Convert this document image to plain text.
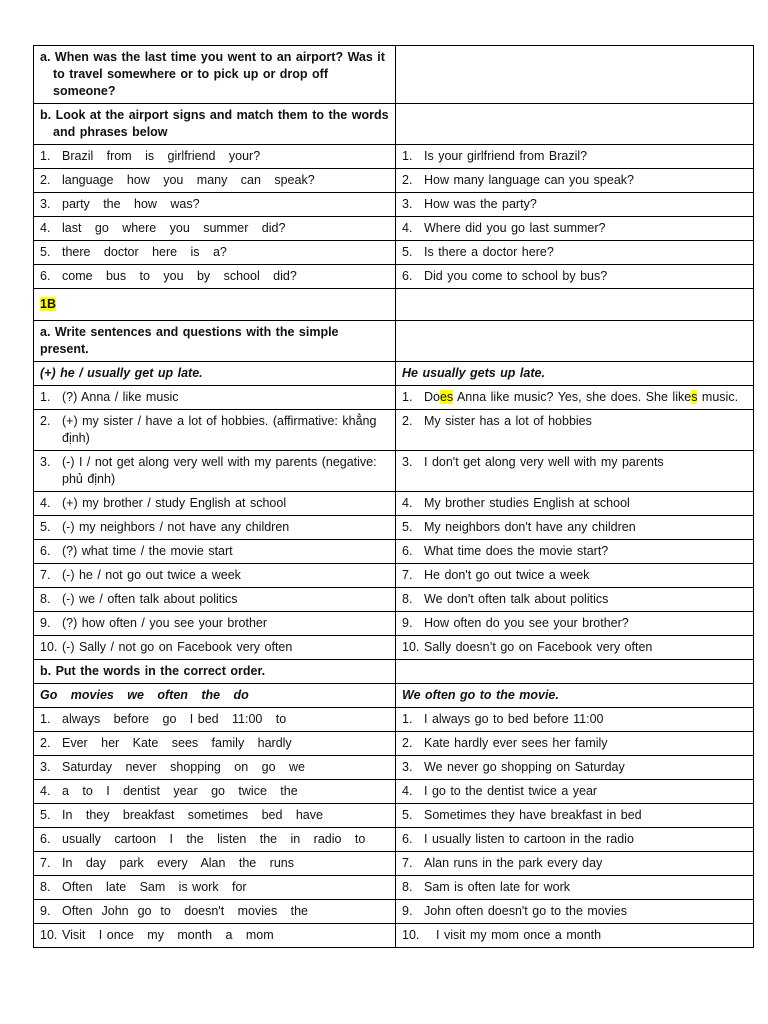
a. When was the last time you went to an airport? Was it to travel somewhere or to pick up or drop off someone?	

b. Look at the airport signs and match them to the words and phrases below	

1. Brazil   from   is   girlfriend   your?	1. Is your girlfriend from Brazil?
2. language   how   you   many   can   speak?	2. How many language can you speak?
3. party   the   how   was?	3. How was the party?
4. last   go   where   you   summer   did?	4. Where did you go last summer?
5. there   doctor   here   is   a?	5. Is there a doctor here?
6. come   bus   to   you   by   school   did?	6. Did you come to school by bus?
1B	
a. Write sentences and questions with the simple present.	
(+) he / usually get up late.	He usually gets up late.
1. (?) Anna / like music	1. Does Anna like music? Yes, she does. She likes music.

2. (+) my sister / have a lot of hobbies. (affirmative: khẳng định)	2. My sister has a lot of hobbies

3. (-) I / not get along very well with my parents (negative: phủ định)	3. I don't get along very well with my parents
4. (+) my brother / study English at school	4. My brother studies English at school
5. (-) my neighbors / not have any children	5. My neighbors don't have any children
6. (?) what time / the movie start	6. What time does the movie start?
7. (-) he / not go out twice a week	7. He don't go out twice a week
8. (-) we / often talk about politics	8. We don't often talk about politics
9. (?) how often / you see your brother	9. How often do you see your brother?
10. (-) Sally / not go on Facebook very often	10. Sally doesn’t go on Facebook very often
b. Put the words in the correct order.	
Go   movies   we   often   the   do	We often go to the movie.
1. always   before   go   I bed   11:00   to	1. I always go to bed before 11:00
2. Ever   her   Kate   sees   family   hardly	2. Kate hardly ever sees her family
3. Saturday   never   shopping   on   go   we	3. We never go shopping on Saturday
4. a   to   I   dentist   year   go   twice   the	4. I go to the dentist twice a year
5. In   they   breakfast   sometimes   bed   have	5. Sometimes they have breakfast in bed
6. usually   cartoon   I   the   listen   the   in   radio   to	6. I usually listen to cartoon in the radio
7. In   day   park   every   Alan   the   runs	7. Alan runs in the park every day
8. Often   late   Sam   is work   for	8. Sam is often late for work
9. Often  John  go  to   doesn't   movies   the	9. John often doesn't go to the movies
10. Visit   I once   my   month   a   mom	10. I visit my mom once a month
